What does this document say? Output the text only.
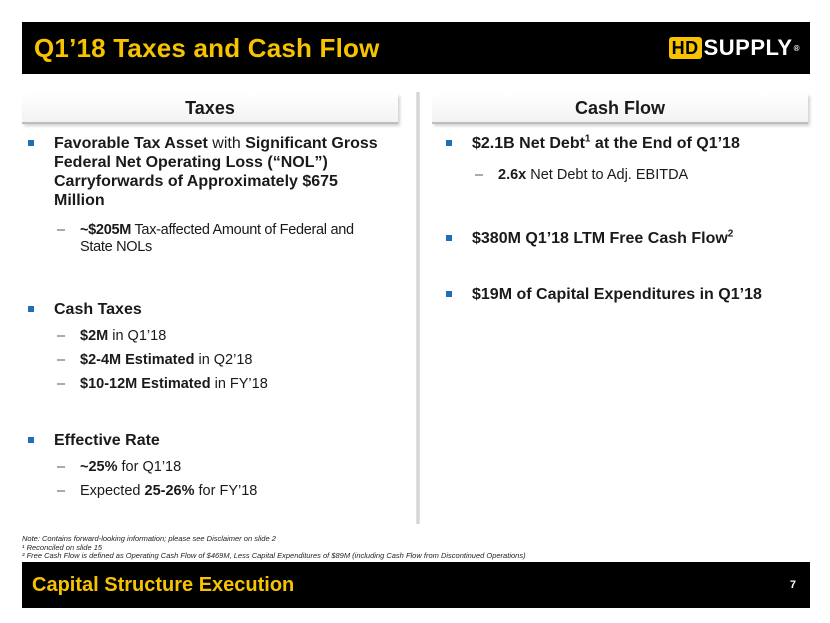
Q1’18 Taxes and Cash Flow	HD SUPPLY ®
Taxes	Cash Flow
Favorable Tax Asset with Significant Gross Federal Net Operating Loss (“NOL”) Carryforwards of Approximately $675 Million
– ~$205M Tax-affected Amount of Federal and State NOLs
Cash Taxes
– $2M in Q1’18
– $2-4M Estimated in Q2’18
– $10-12M Estimated in FY’18
Effective Rate
– ~25% for Q1’18
– Expected 25-26% for FY’18
$2.1B Net Debt$^1$ at the End of Q1’18
– 2.6x Net Debt to Adj. EBITDA
$380M Q1’18 LTM Free Cash Flow$^2$
$19M of Capital Expenditures in Q1’18
Note: Contains forward-looking information; please see Disclaimer on slide 2
¹ Reconciled on slide 15
² Free Cash Flow is defined as Operating Cash Flow of $469M, Less Capital Expenditures of $89M (including Cash Flow from Discontinued Operations)
Capital Structure Execution	7
